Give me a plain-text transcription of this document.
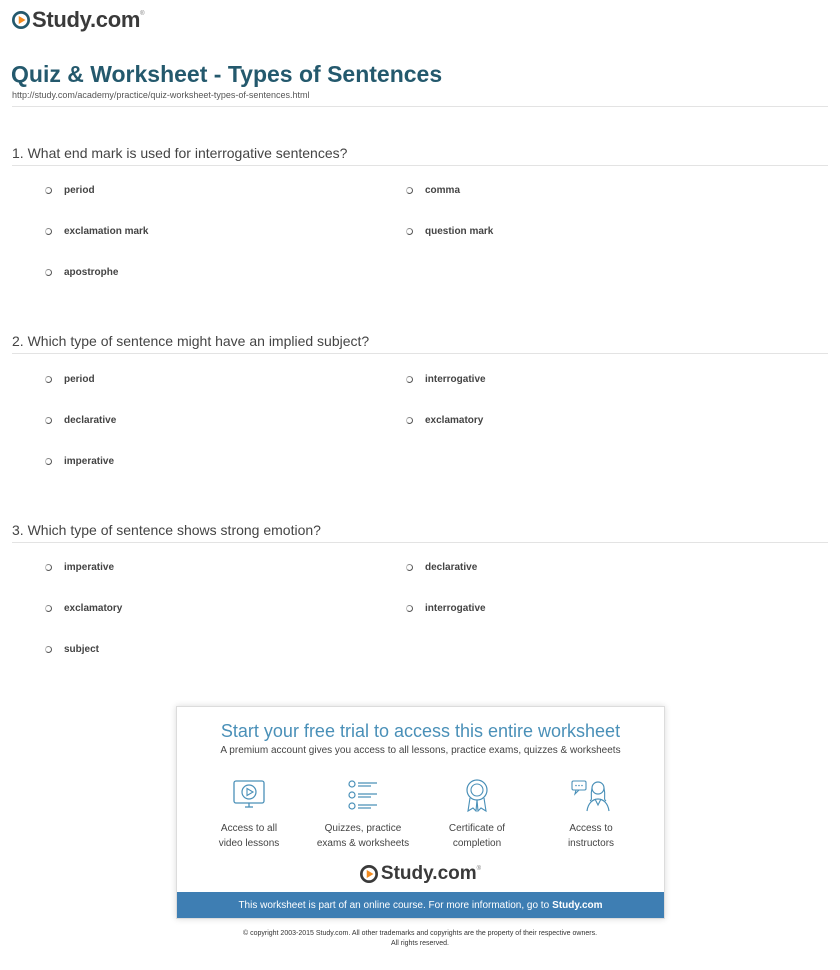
Study.com ®
Quiz & Worksheet - Types of Sentences
http://study.com/academy/practice/quiz-worksheet-types-of-sentences.html
1. What end mark is used for interrogative sentences?
period	comma
exclamation mark	question mark
apostrophe
2. Which type of sentence might have an implied subject?
period	interrogative
declarative	exclamatory
imperative
3. Which type of sentence shows strong emotion?
imperative	declarative
exclamatory	interrogative
subject
Start your free trial to access this entire worksheet
A premium account gives you access to all lessons, practice exams, quizzes & worksheets
Access to all
video lessons
Quizzes, practice
exams & worksheets
Certificate of
completion
Access to
instructors
Study.com ®
This worksheet is part of an online course. For more information, go to Study.com
© copyright 2003-2015 Study.com. All other trademarks and copyrights are the property of their respective owners.
All rights reserved.
